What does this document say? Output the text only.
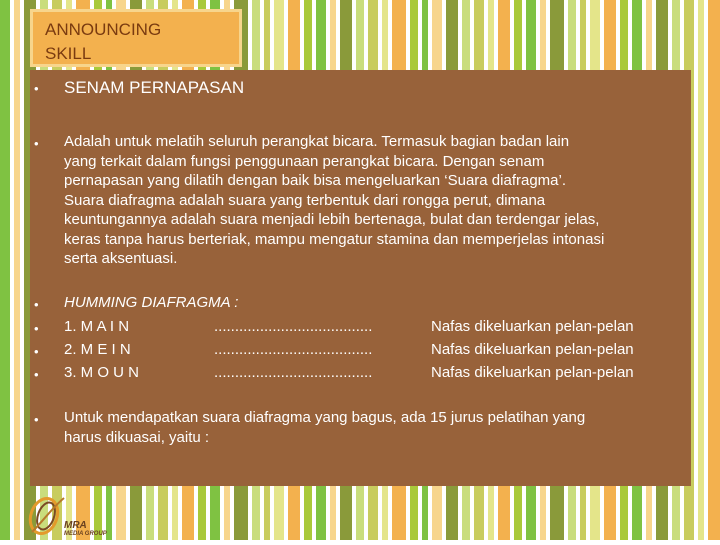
ANNOUNCING
SKILL
• SENAM PERNAPASAN
• Adalah untuk melatih seluruh perangkat bicara. Termasuk bagian badan lain
yang terkait dalam fungsi penggunaan perangkat bicara. Dengan senam
pernapasan yang dilatih dengan baik bisa mengeluarkan ‘Suara diafragma’.
Suara diafragma adalah suara yang terbentuk dari rongga perut, dimana
keuntungannya adalah suara menjadi lebih bertenaga, bulat dan terdengar jelas,
keras tanpa harus berteriak, mampu mengatur stamina dan memperjelas intonasi
serta aksentuasi.
• HUMMING DIAFRAGMA :
• 1. M A I N	......................................	Nafas dikeluarkan pelan-pelan
• 2. M E I N	......................................	Nafas dikeluarkan pelan-pelan
• 3. M O U N	......................................	Nafas dikeluarkan pelan-pelan
• Untuk mendapatkan suara diafragma yang bagus, ada 15 jurus pelatihan yang
harus dikuasai, yaitu :
MRA
MEDIA GROUP
